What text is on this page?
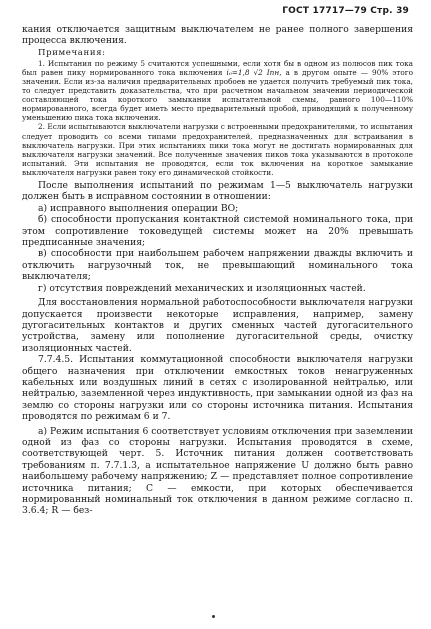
ГОСТ 17717—79 Стр. 39

кания отключается защитным выключателем не ранее полного завершения процесса включения.

Примечания:

1. Испытания по режиму 5 считаются успешными, если хотя бы в одном из полюсов пик тока был равен пику нормированного тока включения i₀=1,8 √2 Iпн, а в другом опыте — 90% этого значения. Если из-за наличия предварительных пробоев не удается получить требуемый пик тока, то следует представить доказательства, что при расчетном начальном значении периодической составляющей тока короткого замыкания испытательной схемы, равного 100—110% нормированного, всегда будет иметь место предварительный пробой, приводящий к полученному уменьшению пика тока включения.

2. Если испытываются выключатели нагрузки с встроенными предохранителями, то испытания следует проводить со всеми типами предохранителей, предназначенных для встраивания в выключатель нагрузки. При этих испытаниях пики тока могут не достигать нормированных для выключателя нагрузки значений. Все полученные значения пиков тока указываются в протоколе испытаний. Эти испытания не проводятся, если ток включения на короткое замыкание выключателя нагрузки равен току его динамической стойкости.

После выполнения испытаний по режимам 1—5 выключатель нагрузки должен быть в исправном состоянии в отношении:

а) исправного выполнения операции ВО;

б) способности пропускания контактной системой номинального тока, при этом сопротивление токоведущей системы может на 20% превышать предписанные значения;

в) способности при наибольшем рабочем напряжении дважды включить и отключить нагрузочный ток, не превышающий номинального тока выключателя;

г) отсутствия повреждений механических и изоляционных частей.

Для восстановления нормальной работоспособности выключателя нагрузки допускается произвести некоторые исправления, например, замену дугогасительных контактов и других сменных частей дугогасительного устройства, замену или пополнение дугогасительной среды, очистку изоляционных частей.

7.7.4.5. Испытания коммутационной способности выключателя нагрузки общего назначения при отключении емкостных токов ненагруженных кабельных или воздушных линий в сетях с изолированной нейтралью, или нейтралью, заземленной через индуктивность, при замыкании одной из фаз на землю со стороны нагрузки или со стороны источника питания. Испытания проводятся по режимам 6 и 7.

а) Режим испытания 6 соответствует условиям отключения при заземлении одной из фаз со стороны нагрузки. Испытания проводятся в схеме, соответствующей черт. 5. Источник питания должен соответствовать требованиям п. 7.7.1.3, а испытательное напряжение U должно быть равно наибольшему рабочему напряжению; Z — представляет полное сопротивление источника питания; C — емкости, при которых обеспечивается нормированный номинальный ток отключения в данном режиме согласно п. 3.6.4; R — без-
